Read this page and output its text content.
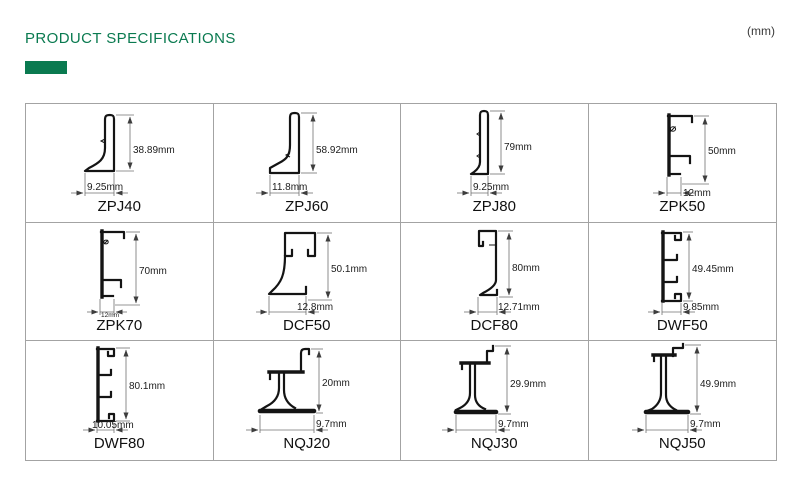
PRODUCT SPECIFICATIONS	(mm)
38.89mm
9.25mm
ZPJ40
58.92mm
11.8mm
ZPJ60
79mm
9.25mm
ZPJ80
50mm
12mm
ZPK50
70mm
12mm
ZPK70
50.1mm
12.8mm
DCF50
80mm
12.71mm
DCF80
49.45mm
9.85mm
DWF50
80.1mm
10.05mm
DWF80
20mm
9.7mm
NQJ20
29.9mm
9.7mm
NQJ30
49.9mm
9.7mm
NQJ50
